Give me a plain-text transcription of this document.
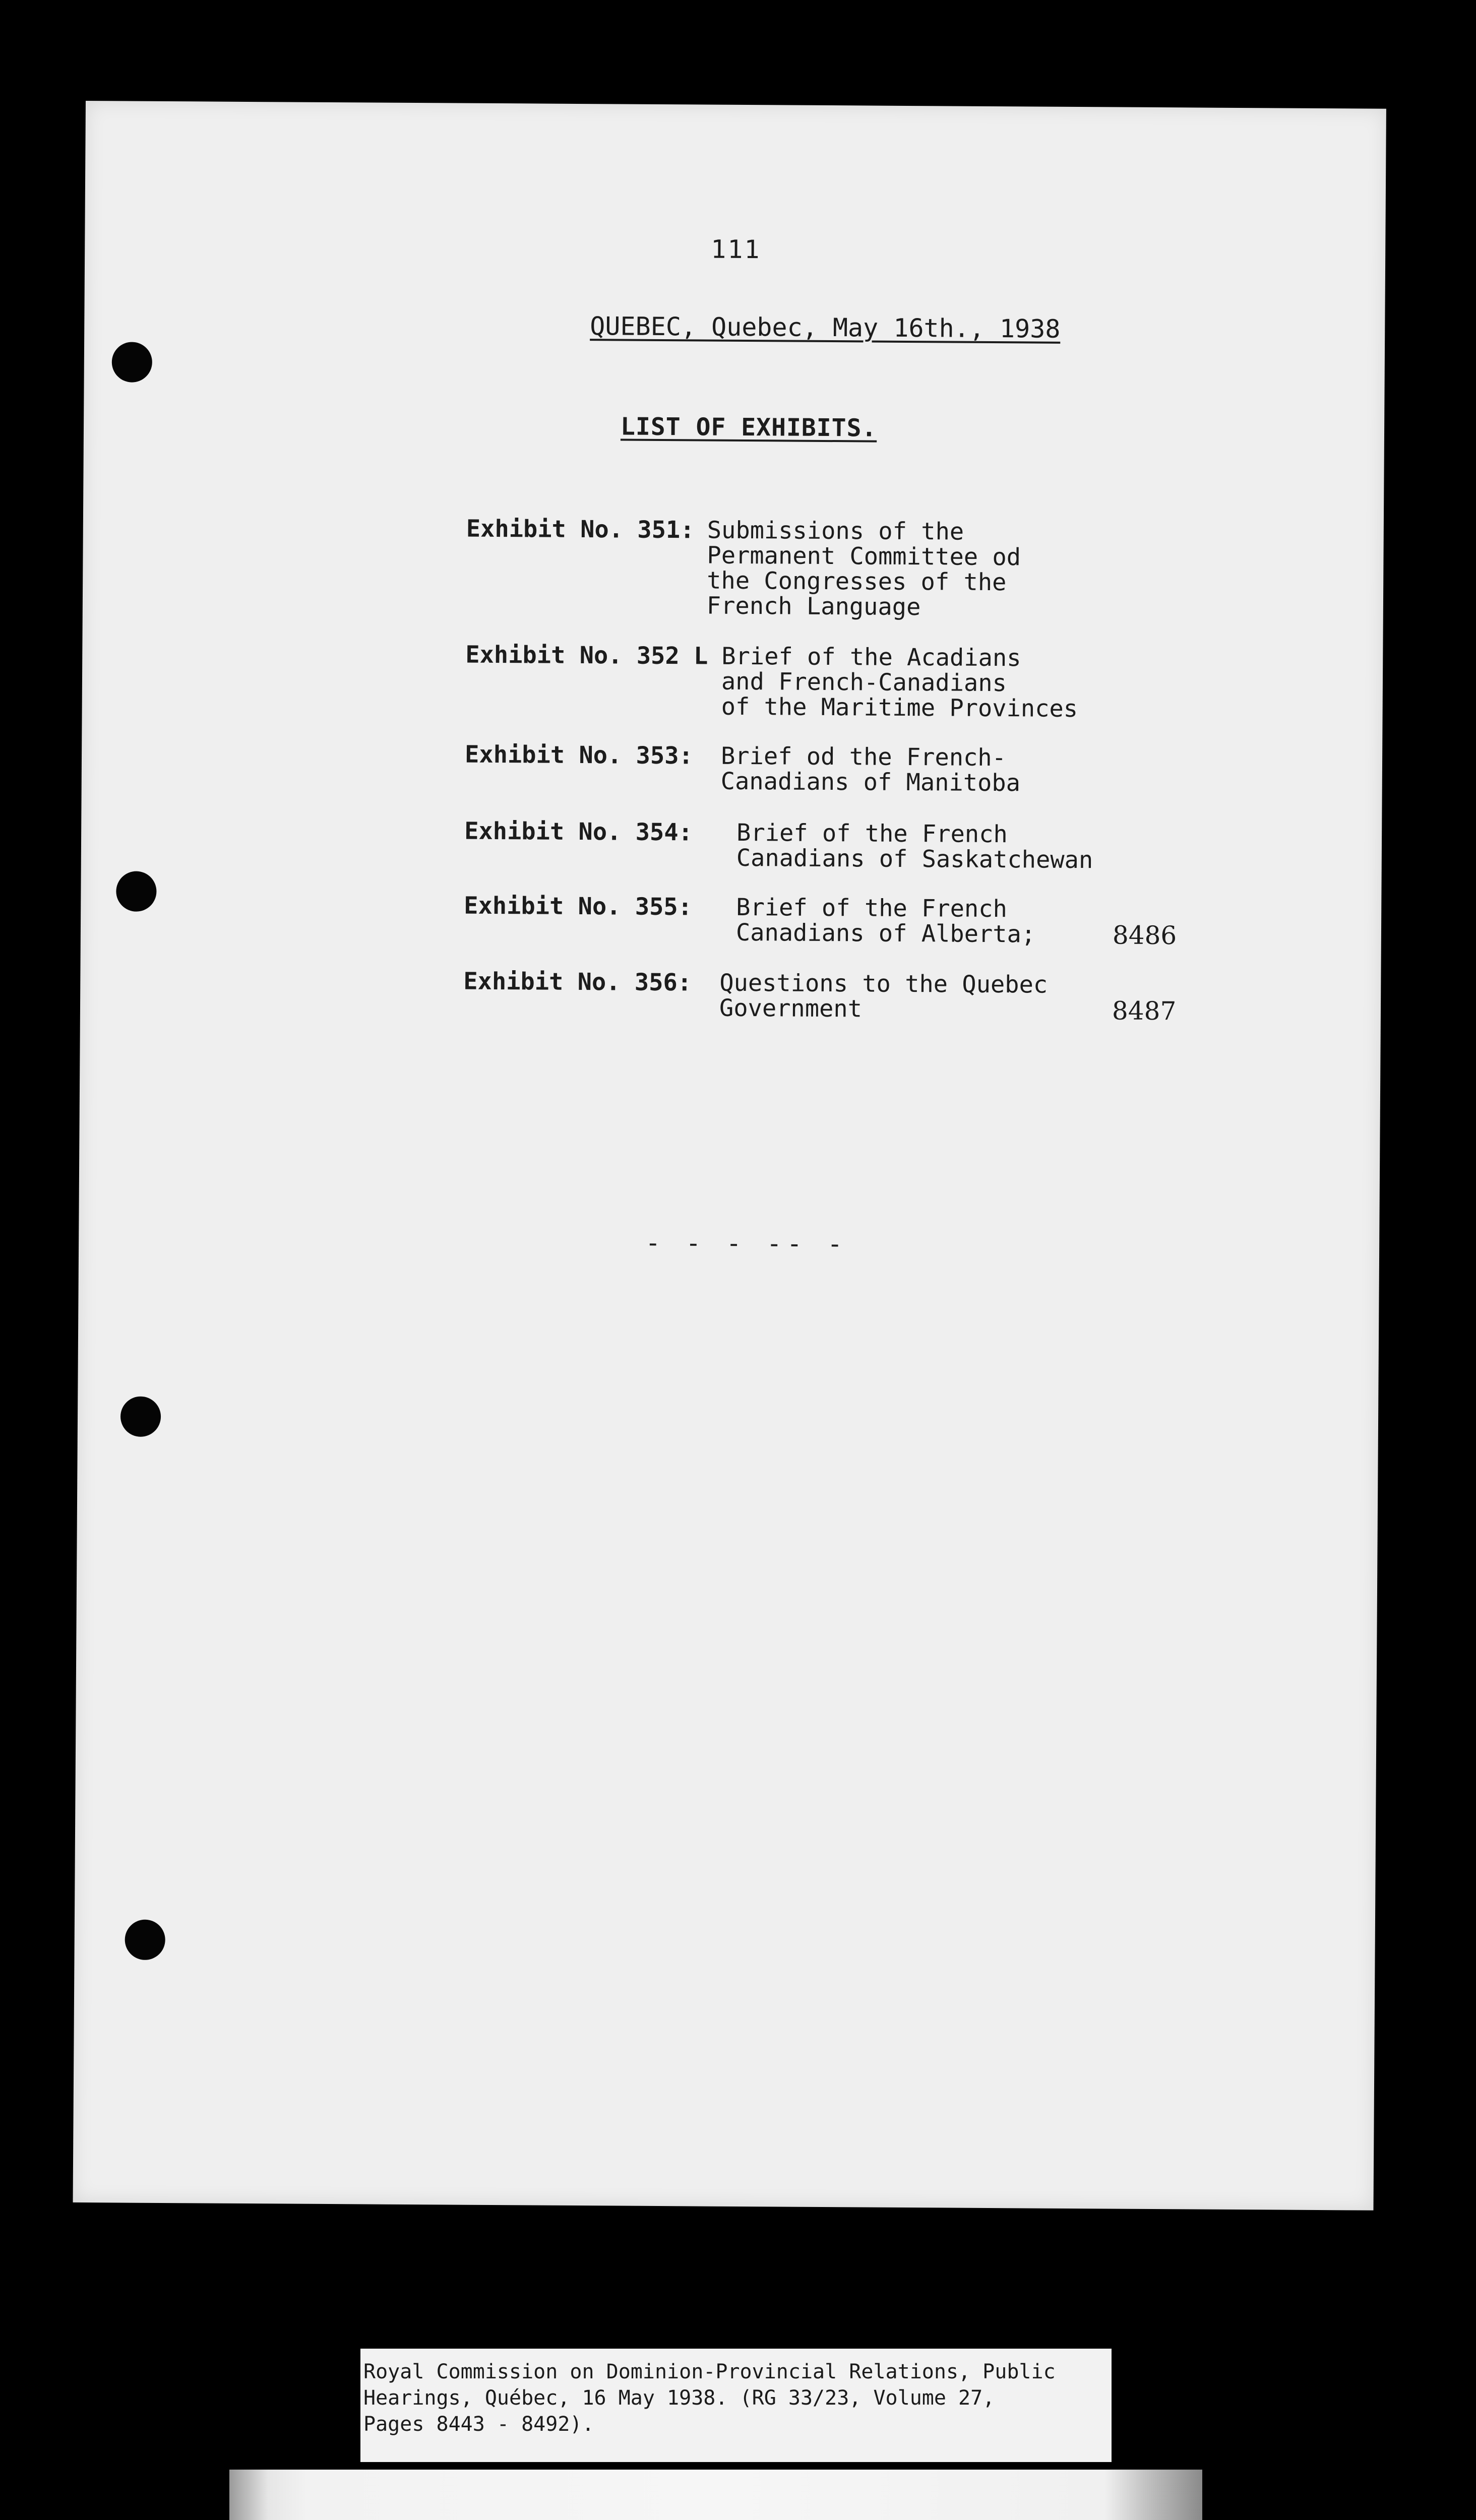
111
QUEBEC, Quebec, May 16th., 1938
LIST OF EXHIBITS.
Exhibit No. 351: Submissions of the
Permanent Committee od
the Congresses of the
French Language
Exhibit No. 352 L Brief of the Acadians
and French-Canadians
of the Maritime Provinces
Exhibit No. 353: Brief od the French-
Canadians of Manitoba
Exhibit No. 354: Brief of the French
Canadians of Saskatchewan
Exhibit No. 355: Brief of the French
Canadians of Alberta;	8486
Exhibit No. 356: Questions to the Quebec
Government	8487
- - - -- -
Royal Commission on Dominion-Provincial Relations, Public
Hearings, Québec, 16 May 1938. (RG 33/23, Volume 27,
Pages 8443 - 8492).
